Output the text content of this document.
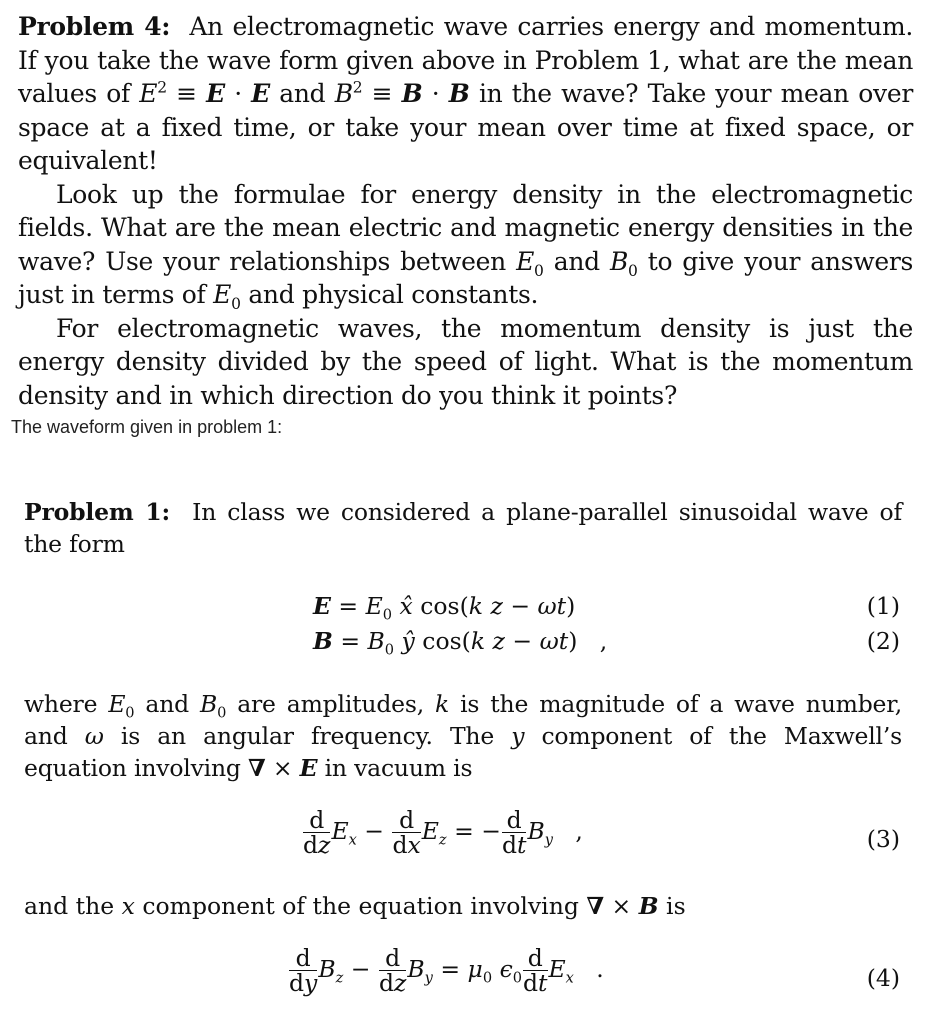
Problem 4: An electromagnetic wave carries energy and momentum. If you take the wave form given above in Problem 1, what are the mean values of $E^2 \equiv E \cdot E$ and $B^2 \equiv B \cdot B$ in the wave? Take your mean over space at a fixed time, or take your mean over time at fixed space, or equivalent!

Look up the formulae for energy density in the electromagnetic fields. What are the mean electric and magnetic energy densities in the wave? Use your relationships between $E_0$ and $B_0$ to give your answers just in terms of $E_0$ and physical constants.

For electromagnetic waves, the momentum density is just the energy density divided by the speed of light. What is the momentum density and in which direction do you think it points?

The waveform given in problem 1:

Problem 1: In class we considered a plane-parallel sinusoidal wave of the form

$E = E_0$ x̂ cos(k z − ωt)	(1)
$B = B_0$ ŷ cos(k z − ωt)   ,	(2)

where $E_0$ and $B_0$ are amplitudes, k is the magnitude of a wave number, and ω is an angular frequency. The y component of the Maxwell’s equation involving ∇ × E in vacuum is

$\frac{d}{dz} E_x - \frac{d}{dx} E_z$ = − $\frac{d}{dt} B_y$   ,	(3)
and the x component of the equation involving ∇ × B is
$\frac{d}{dy} B_z - \frac{d}{dz} B_y = \mu_0$ $\epsilon_0 \frac{d}{dt} E_x$   .	(4)
